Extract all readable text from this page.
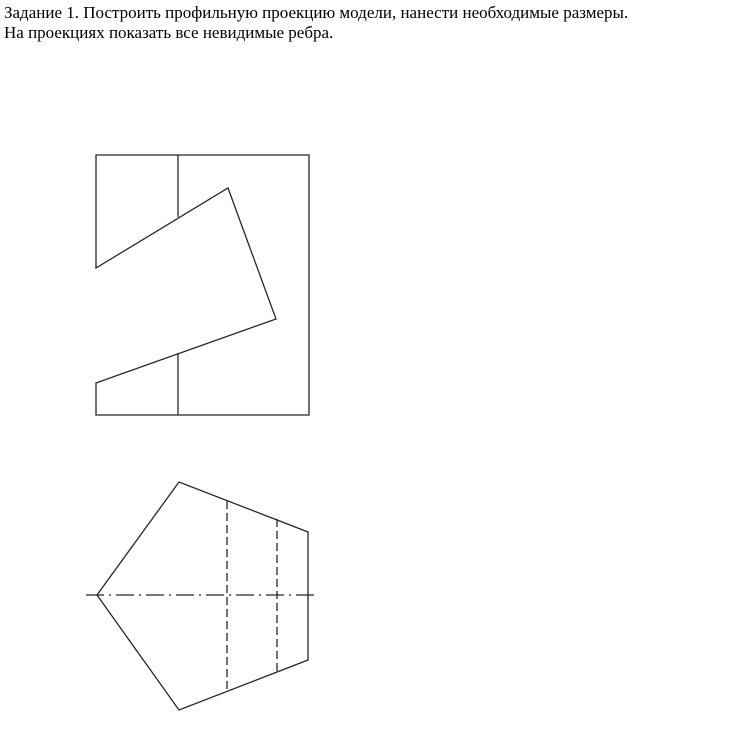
Задание 1. Построить профильную проекцию модели, нанести необходимые размеры.
На проекциях показать все невидимые ребра.
